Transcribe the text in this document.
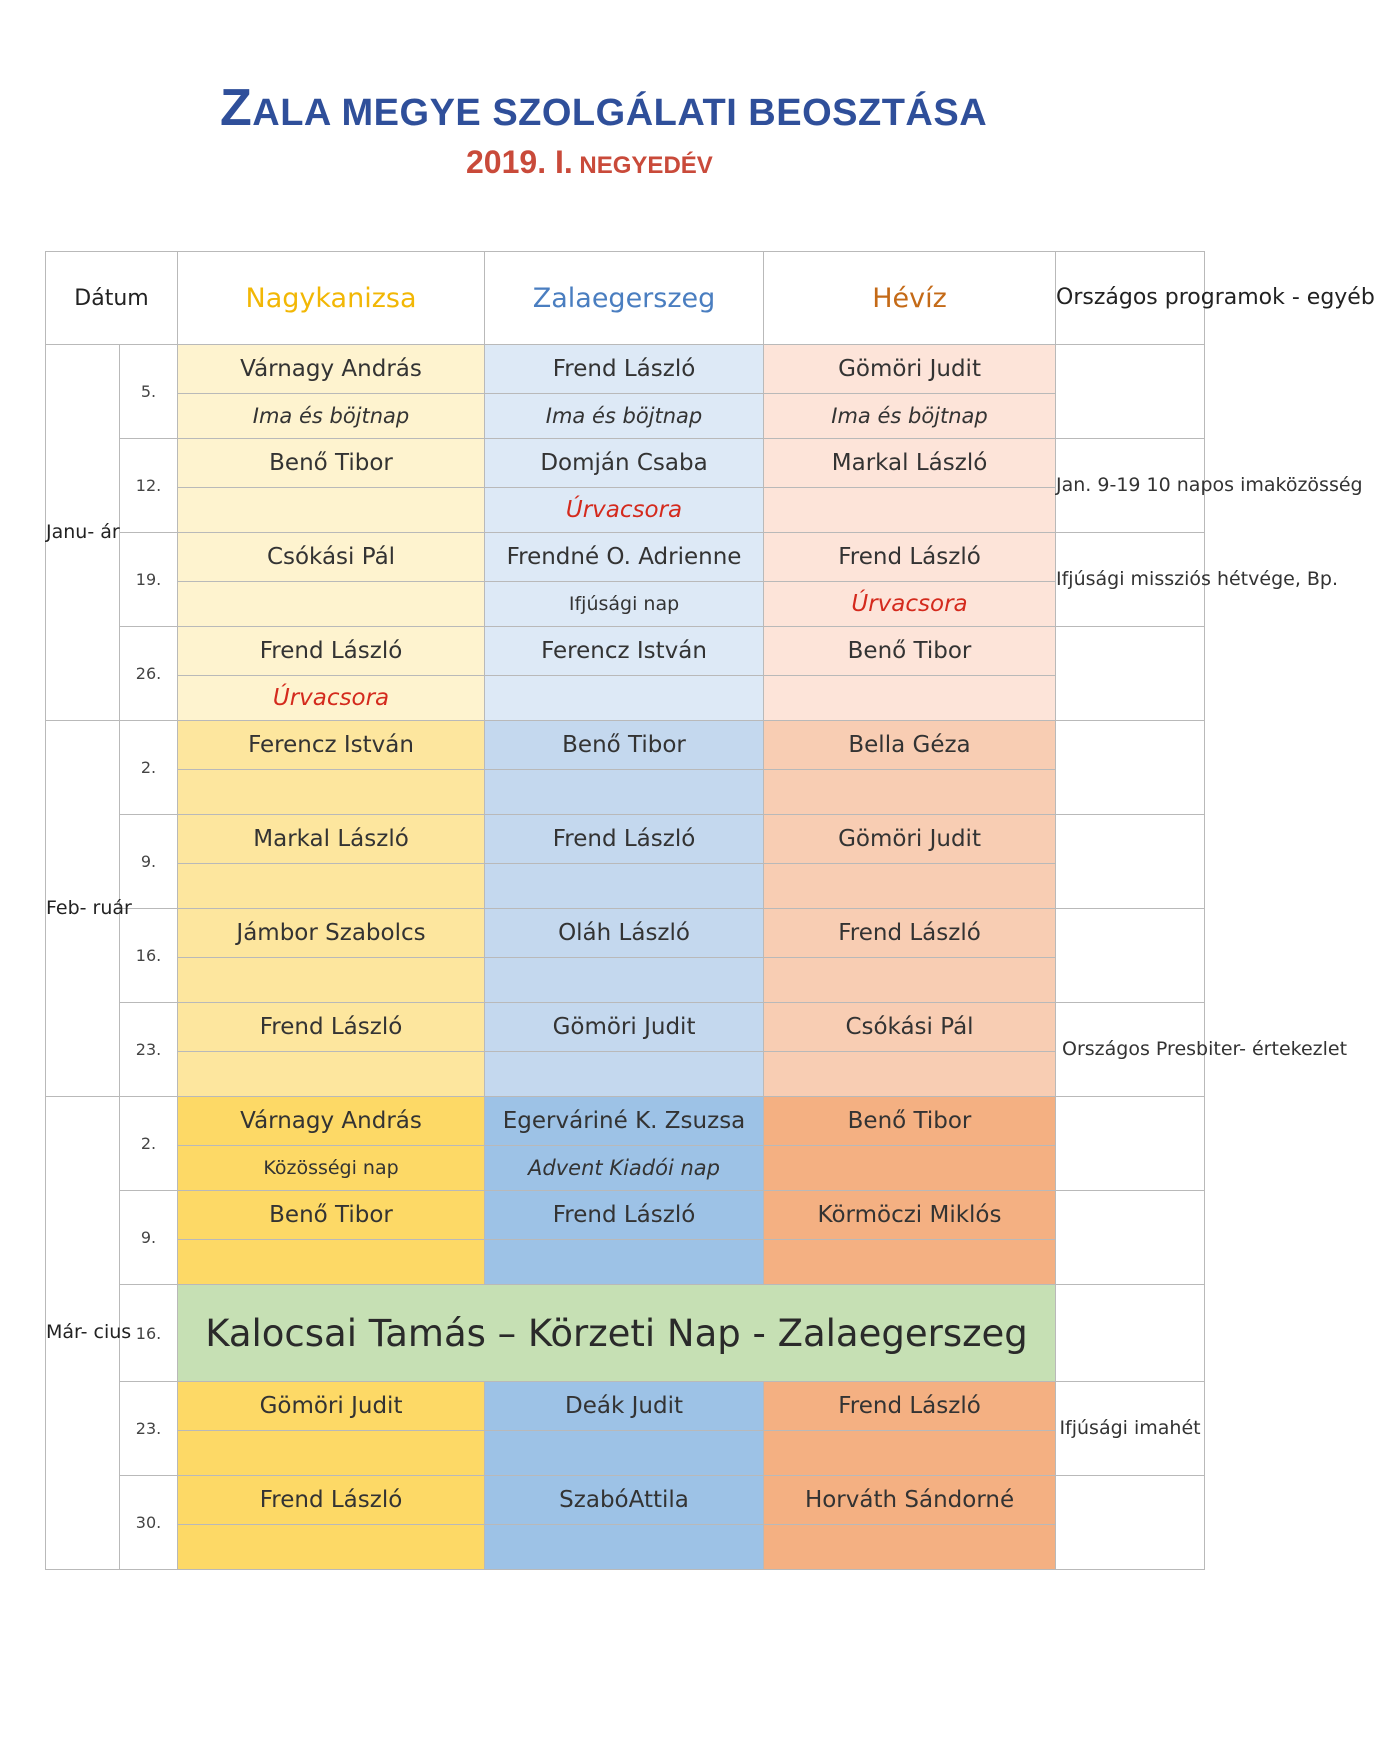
ZALA MEGYE SZOLGÁLATI BEOSZTÁSA
2019. I. NEGYEDÉV
Dátum		Nagykanizsa	Zalaegerszeg	Hévíz	Országos programok - egyéb
Janu- ár	5.	Várnagy András	Frend László	Gömöri Judit	
		Ima és böjtnap	Ima és böjtnap	Ima és böjtnap	
	12.	Benő Tibor	Domján Csaba	Markal László	Jan. 9-19 10 napos imaközösség
			Úrvacsora		
	19.	Csókási Pál	Frendné O. Adrienne	Frend László	Ifjúsági missziós hétvége, Bp.
			Ifjúsági nap	Úrvacsora	
	26.	Frend László	Ferencz István	Benő Tibor	
		Úrvacsora			
Feb- ruár	2.	Ferencz István	Benő Tibor	Bella Géza	

	9.	Markal László	Frend László	Gömöri Judit	

	16.	Jámbor Szabolcs	Oláh László	Frend László	

	23.	Frend László	Gömöri Judit	Csókási Pál	Országos Presbiter- értekezlet

Már- cius	2.	Várnagy András	Egerváriné K. Zsuzsa	Benő Tibor	
		Közösségi nap	Advent Kiadói nap		
	9.	Benő Tibor	Frend László	Körmöczi Miklós	

	16.	Kalocsai Tamás – Körzeti Nap - Zalaegerszeg			

	23.	Gömöri Judit	Deák Judit	Frend László	Ifjúsági imahét

	30.	Frend László	SzabóAttila	Horváth Sándorné	
